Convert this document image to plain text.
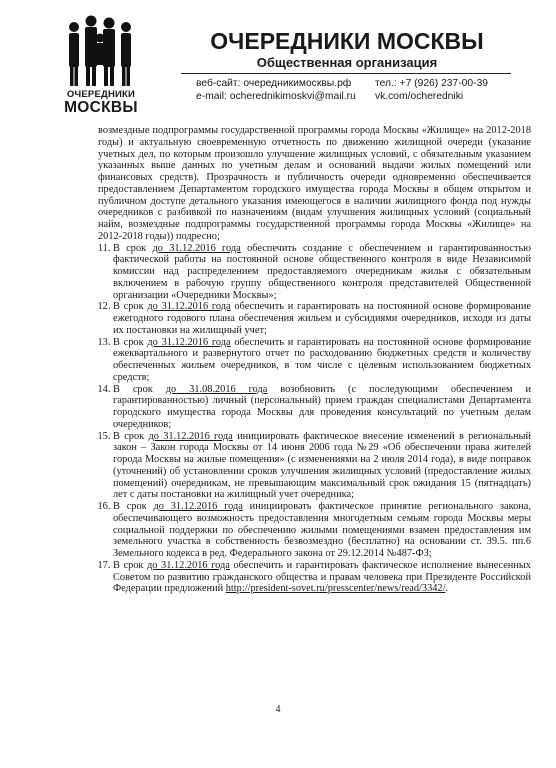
ОЧЕРЕДНИКИ
МОСКВЫ
ОЧЕРЕДНИКИ МОСКВЫ
Общественная организация
веб-сайт: очередникимосквы.рф тел.: +7 (926) 237-00-39
e-mail: ocherednikimoskvi@mail.ru vk.com/ocheredniki

возмездные подпрограммы государственной программы города Москвы «Жилище» на 2012-2018 годы) и актуальную своевременную отчетность по движению жилищной очереди (указание учетных дел, по которым произошло улучшение жилищных условий, с обязательным указанием указанных выше данных по учетным делам и оснований выдачи жилых помещений или финансовых средств). Прозрачность и публичность очереди одновременно обеспечивается предоставлением Департаментом городского имущества города Москвы в общем открытом и публичном доступе детального указания имеющегося в наличии жилищного фонда под нужды очередников с разбивкой по назначениям (видам улучшения жилищных условий (социальный найм, возмездные подпрограммы государственной программы города Москвы «Жилище» на 2012-2018 годы)) подресно;

11. В срок до 31.12.2016 года обеспечить создание с обеспечением и гарантированностью фактической работы на постоянной основе общественного контроля в виде Независимой комиссии над распределением предоставляемого очередникам жилья с обязательным включением в рабочую группу общественного контроля представителей Общественной организации «Очередники Москвы»;
12. В срок до 31.12.2016 года обеспечить и гарантировать на постоянной основе формирование ежегодного годового плана обеспечения жильем и субсидиями очередников, исходя из даты их постановки на жилищный учет;
13. В срок до 31.12.2016 года обеспечить и гарантировать на постоянной основе формирование ежеквартального и развернутого отчет по расходованию бюджетных средств и количеству обеспеченных жильем очередников, в том числе с целевым использованием бюджетных средств;
14. В срок до 31.08.2016 года возобновить (с последующими обеспечением и гарантированностью) личный (персональный) прием граждан специалистами Департамента городского имущества города Москвы для проведения консультаций по учетным делам очередников;
15. В срок до 31.12.2016 года инициировать фактическое внесение изменений в региональный закон – Закон города Москвы от 14 июня 2006 года №29 «Об обеспечении права жителей города Москвы на жилые помещения» (с изменениями на 2 июля 2014 года), в виде поправок (уточнений) об установлении сроков улучшения жилищных условий (предоставление жилых помещений) очередникам, не превышающим максимальный срок ожидания 15 (пятнадцать) лет с даты постановки на жилищный учет очередника;
16. В срок до 31.12.2016 года инициировать фактическое принятие регионального закона, обеспечивающего возможность предоставления многодетным семьям города Москвы меры социальной поддержки по обеспечению жилыми помещениями взамен предоставления им земельного участка в собственность безвозмездно (бесплатно) на основании ст. 39.5. пп.6 Земельного кодекса в ред. Федерального закона от 29.12.2014 №487-ФЗ;
17. В срок до 31.12.2016 года обеспечить и гарантировать фактическое исполнение вынесенных Советом по развитию гражданского общества и правам человека при Президенте Российской Федерации предложений http://president-sovet.ru/presscenter/news/read/3342/.
4
